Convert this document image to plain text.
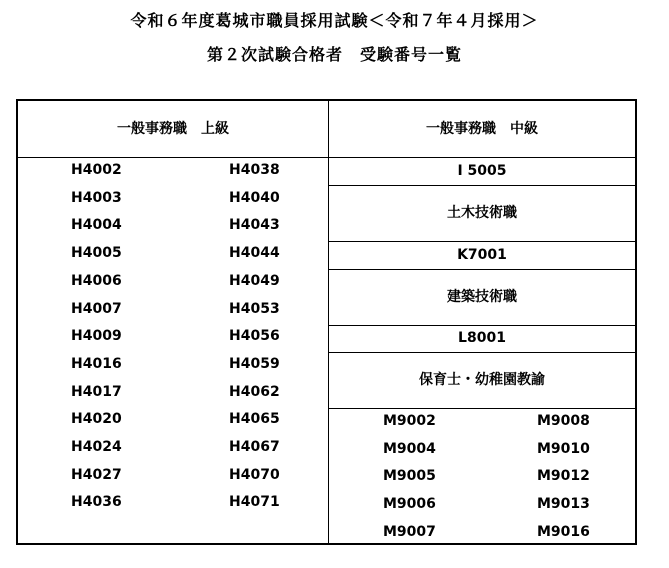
令和６年度葛城市職員採用試験＜令和７年４月採用＞
第２次試験合格者　受験番号一覧
一般事務職　上級	一般事務職　中級
H4002
H4003
H4004
H4005
H4006
H4007
H4009
H4016
H4017
H4020
H4024
H4027
H4036
H4038
H4040
H4043
H4044
H4049
H4053
H4056
H4059
H4062
H4065
H4067
H4070
H4071
I 5005
土木技術職
K7001
建築技術職
L8001
保育士・幼稚園教諭
M9002
M9004
M9005
M9006
M9007
M9008
M9010
M9012
M9013
M9016
